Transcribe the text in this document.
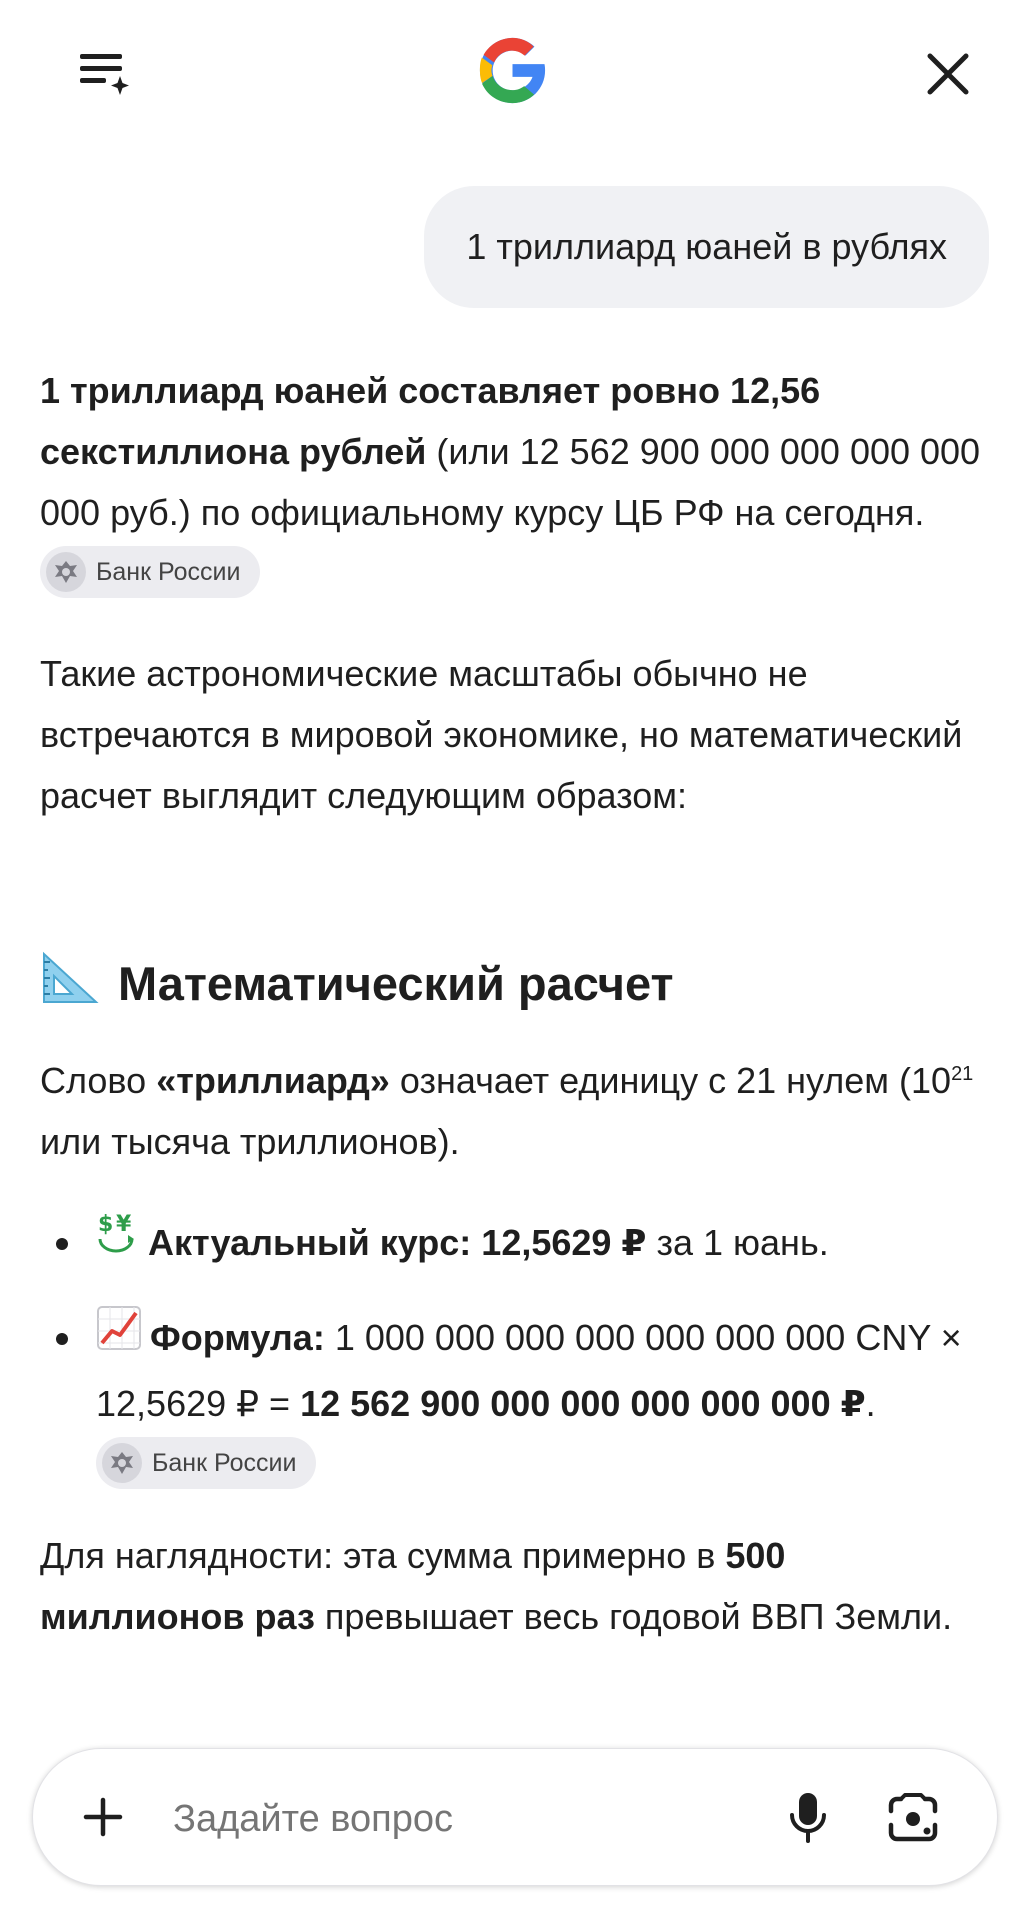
1 триллиард юаней в рублях

1 триллиард юаней составляет ровно 12,56 секстиллиона рублей (или 12 562 900 000 000 000 000 000 руб.) по официальному курсу ЦБ РФ на сегодня.
Банк России

Такие астрономические масштабы обычно не встречаются в мировой экономике, но математический расчет выглядит следующим образом:

Математический расчет

Слово «триллиард» означает единицу с 21 нулем ($10^{21}$ или тысяча триллионов).

$ ¥ Актуальный курс: 12,5629 ₽ за 1 юань.
Формула: 1 000 000 000 000 000 000 000 CNY × 12,5629 ₽ = 12 562 900 000 000 000 000 000 ₽.
Банк России

Для наглядности: эта сумма примерно в 500 миллионов раз превышает весь годовой ВВП Земли.

Задайте вопрос
